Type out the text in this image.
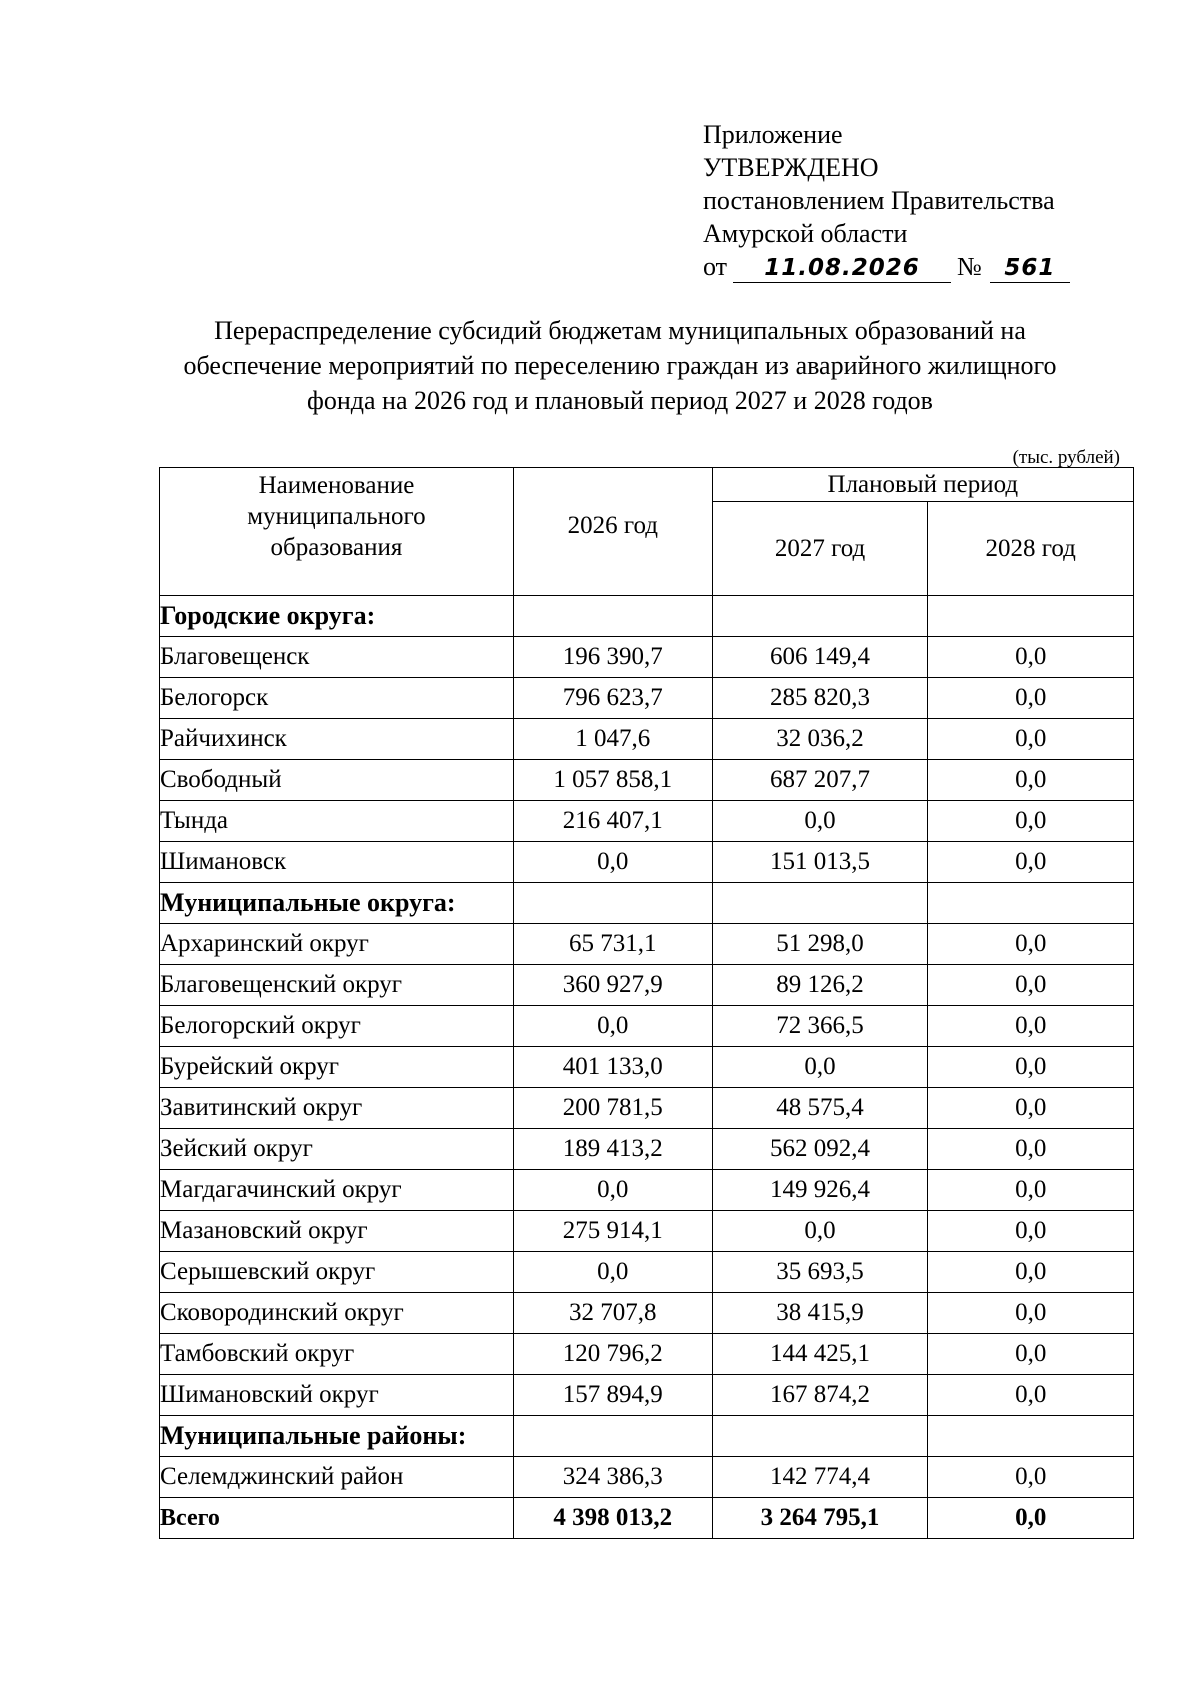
Приложение
УТВЕРЖДЕНО
постановлением Правительства
Амурской области
от	11.08.2026	№ 561
Перераспределение субсидий бюджетам муниципальных образований на
обеспечение мероприятий по переселению граждан из аварийного жилищного
фонда на 2026 год и плановый период 2027 и 2028 годов
(тыс. рублей)
Наименование
муниципального
образования	2026 год	Плановый период	
		2027 год	2028 год
Городские округа:			
Благовещенск	196 390,7	606 149,4	0,0
Белогорск	796 623,7	285 820,3	0,0
Райчихинск	1 047,6	32 036,2	0,0
Свободный	1 057 858,1	687 207,7	0,0
Тында	216 407,1	0,0	0,0
Шимановск	0,0	151 013,5	0,0
Муниципальные округа:			
Архаринский округ	65 731,1	51 298,0	0,0
Благовещенский округ	360 927,9	89 126,2	0,0
Белогорский округ	0,0	72 366,5	0,0
Бурейский округ	401 133,0	0,0	0,0
Завитинский округ	200 781,5	48 575,4	0,0
Зейский округ	189 413,2	562 092,4	0,0
Магдагачинский округ	0,0	149 926,4	0,0
Мазановский округ	275 914,1	0,0	0,0
Серышевский округ	0,0	35 693,5	0,0
Сковородинский округ	32 707,8	38 415,9	0,0
Тамбовский округ	120 796,2	144 425,1	0,0
Шимановский округ	157 894,9	167 874,2	0,0
Муниципальные районы:			
Селемджинский район	324 386,3	142 774,4	0,0
Всего	4 398 013,2	3 264 795,1	0,0
